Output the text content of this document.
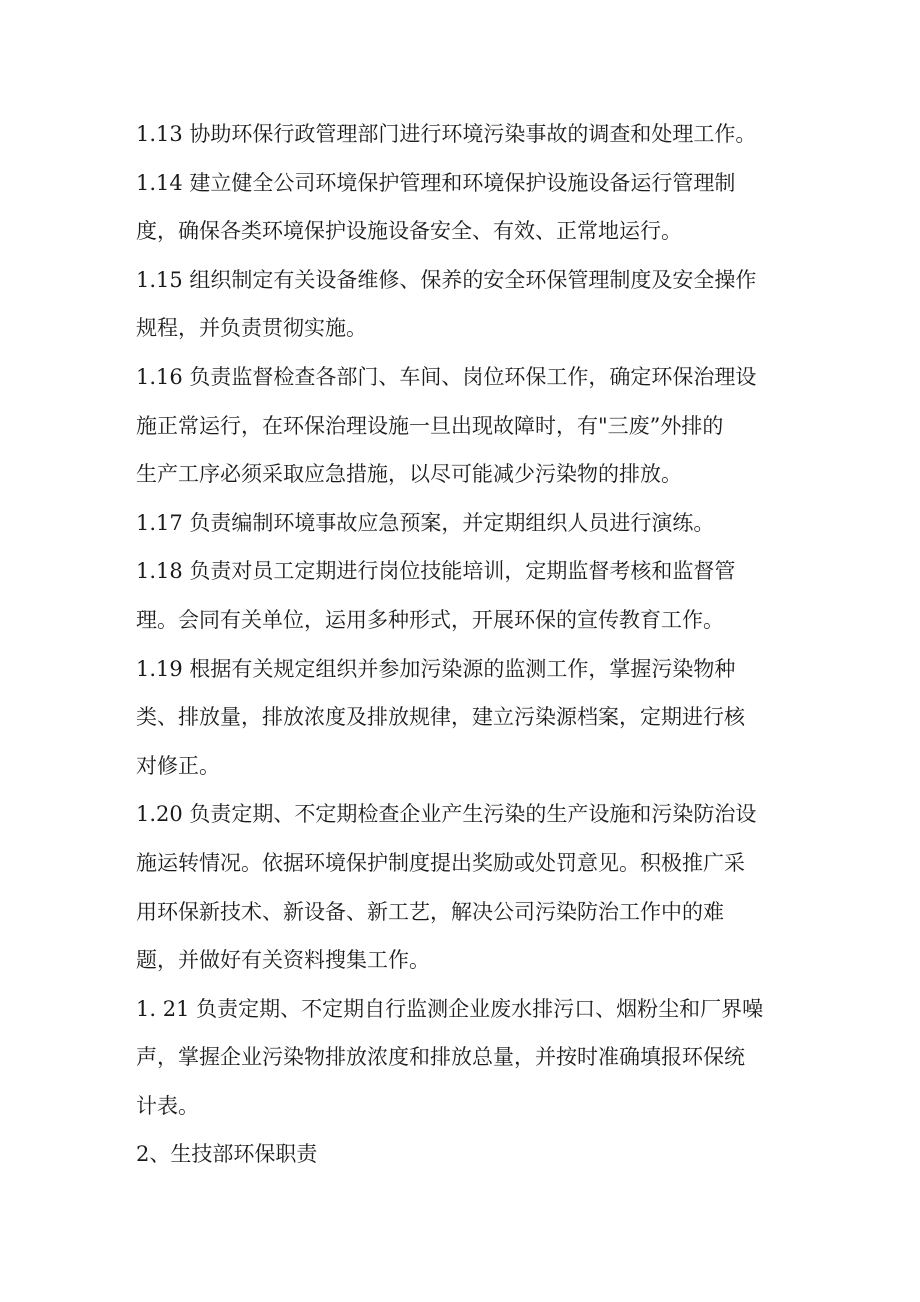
1.13 协助环保行政管理部门进行环境污染事故的调查和处理工作。

1.14 建立健全公司环境保护管理和环境保护设施设备运行管理制
度，确保各类环境保护设施设备安全、有效、正常地运行。

1.15 组织制定有关设备维修、保养的安全环保管理制度及安全操作
规程，并负责贯彻实施。

1.16 负责监督检查各部门、车间、岗位环保工作，确定环保治理设
施正常运行，在环保治理设施一旦出现故障时，有"三废”外排的
生产工序必须采取应急措施，以尽可能减少污染物的排放。

1.17 负责编制环境事故应急预案，并定期组织人员进行演练。

1.18 负责对员工定期进行岗位技能培训，定期监督考核和监督管
理。会同有关单位，运用多种形式，开展环保的宣传教育工作。

1.19 根据有关规定组织并参加污染源的监测工作，掌握污染物种
类、排放量，排放浓度及排放规律，建立污染源档案，定期进行核
对修正。

1.20 负责定期、不定期检查企业产生污染的生产设施和污染防治设
施运转情况。依据环境保护制度提出奖励或处罚意见。积极推广采
用环保新技术、新设备、新工艺，解决公司污染防治工作中的难
题，并做好有关资料搜集工作。

1. 21 负责定期、不定期自行监测企业废水排污口、烟粉尘和厂界噪
声，掌握企业污染物排放浓度和排放总量，并按时准确填报环保统
计表。

2、生技部环保职责
